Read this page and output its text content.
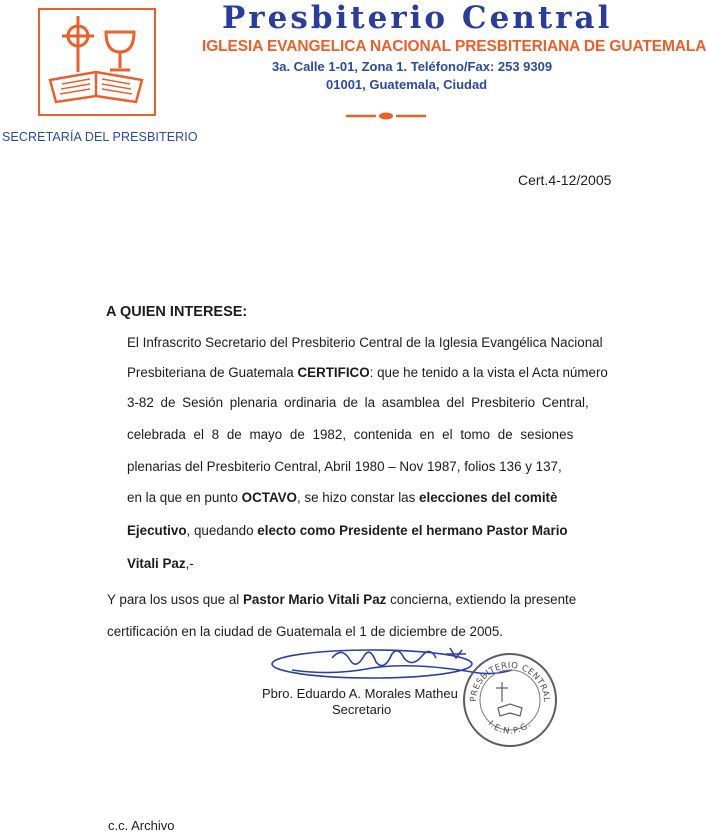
SECRETARÍA DEL PRESBITERIO
Presbiterio Central
IGLESIA EVANGELICA NACIONAL PRESBITERIANA DE GUATEMALA
3a. Calle 1-01, Zona 1. Teléfono/Fax: 253 9309
01001, Guatemala, Ciudad
Cert.4-12/2005
A QUIEN INTERESE:
El Infrascrito Secretario del Presbiterio Central de la Iglesia Evangélica Nacional
Presbiteriana de Guatemala CERTIFICO: que he tenido a la vista el Acta número
3-82 de Sesión plenaria ordinaria de la asamblea del Presbiterio Central,
celebrada el 8 de mayo de 1982, contenida en el tomo de sesiones
plenarias del Presbiterio Central, Abril 1980 – Nov 1987, folios 136 y 137,
en la que en punto OCTAVO, se hizo constar las elecciones del comitè
Ejecutivo, quedando electo como Presidente el hermano Pastor Mario
Vitali Paz,-
Y para los usos que al Pastor Mario Vitali Paz concierna, extiendo la presente
certificación en la ciudad de Guatemala el 1 de diciembre de 2005.
Pbro. Eduardo A. Morales Matheu
Secretario
PRESBITERIO CENTRAL
I.E.N.P.G.
c.c. Archivo
